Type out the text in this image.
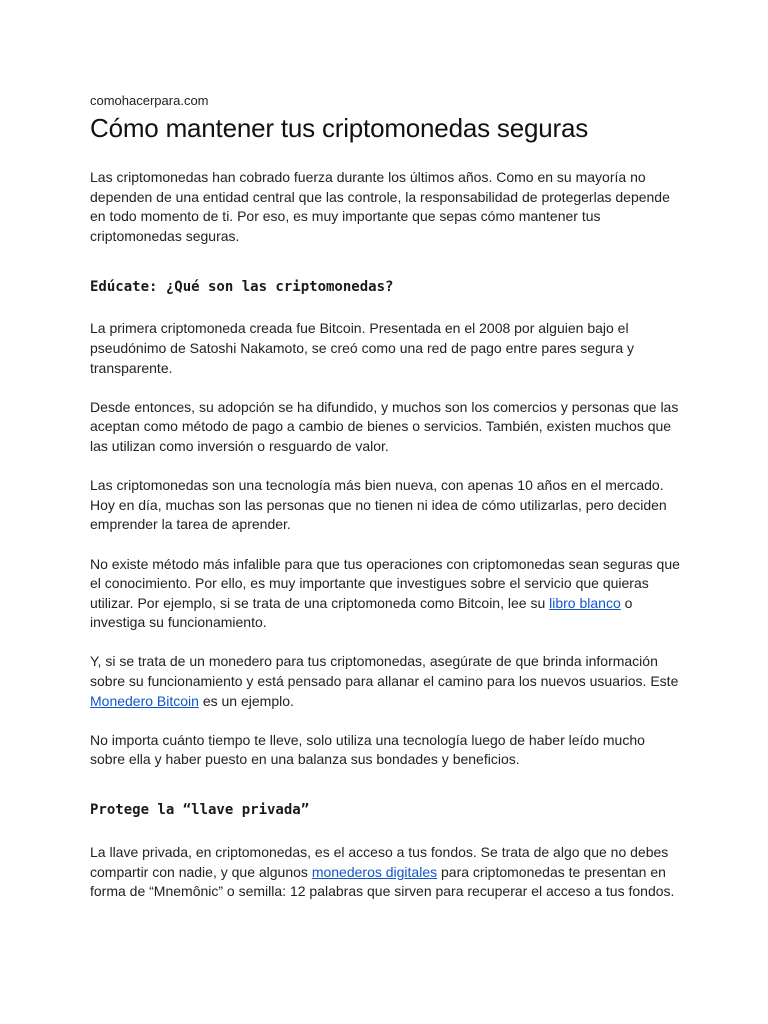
comohacerpara.com
Cómo mantener tus criptomonedas seguras

Las criptomonedas han cobrado fuerza durante los últimos años. Como en su mayoría no dependen de una entidad central que las controle, la responsabilidad de protegerlas depende en todo momento de ti. Por eso, es muy importante que sepas cómo mantener tus criptomonedas seguras.

Edúcate: ¿Qué son las criptomonedas?

La primera criptomoneda creada fue Bitcoin. Presentada en el 2008 por alguien bajo el pseudónimo de Satoshi Nakamoto, se creó como una red de pago entre pares segura y transparente.

Desde entonces, su adopción se ha difundido, y muchos son los comercios y personas que las aceptan como método de pago a cambio de bienes o servicios. También, existen muchos que las utilizan como inversión o resguardo de valor.

Las criptomonedas son una tecnología más bien nueva, con apenas 10 años en el mercado. Hoy en día, muchas son las personas que no tienen ni idea de cómo utilizarlas, pero deciden emprender la tarea de aprender.

No existe método más infalible para que tus operaciones con criptomonedas sean seguras que el conocimiento. Por ello, es muy importante que investigues sobre el servicio que quieras utilizar. Por ejemplo, si se trata de una criptomoneda como Bitcoin, lee su libro blanco o investiga su funcionamiento.

Y, si se trata de un monedero para tus criptomonedas, asegúrate de que brinda información sobre su funcionamiento y está pensado para allanar el camino para los nuevos usuarios. Este Monedero Bitcoin es un ejemplo.

No importa cuánto tiempo te lleve, solo utiliza una tecnología luego de haber leído mucho sobre ella y haber puesto en una balanza sus bondades y beneficios.

Protege la “llave privada”

La llave privada, en criptomonedas, es el acceso a tus fondos. Se trata de algo que no debes compartir con nadie, y que algunos monederos digitales para criptomonedas te presentan en forma de “Mnemônic” o semilla: 12 palabras que sirven para recuperar el acceso a tus fondos.
